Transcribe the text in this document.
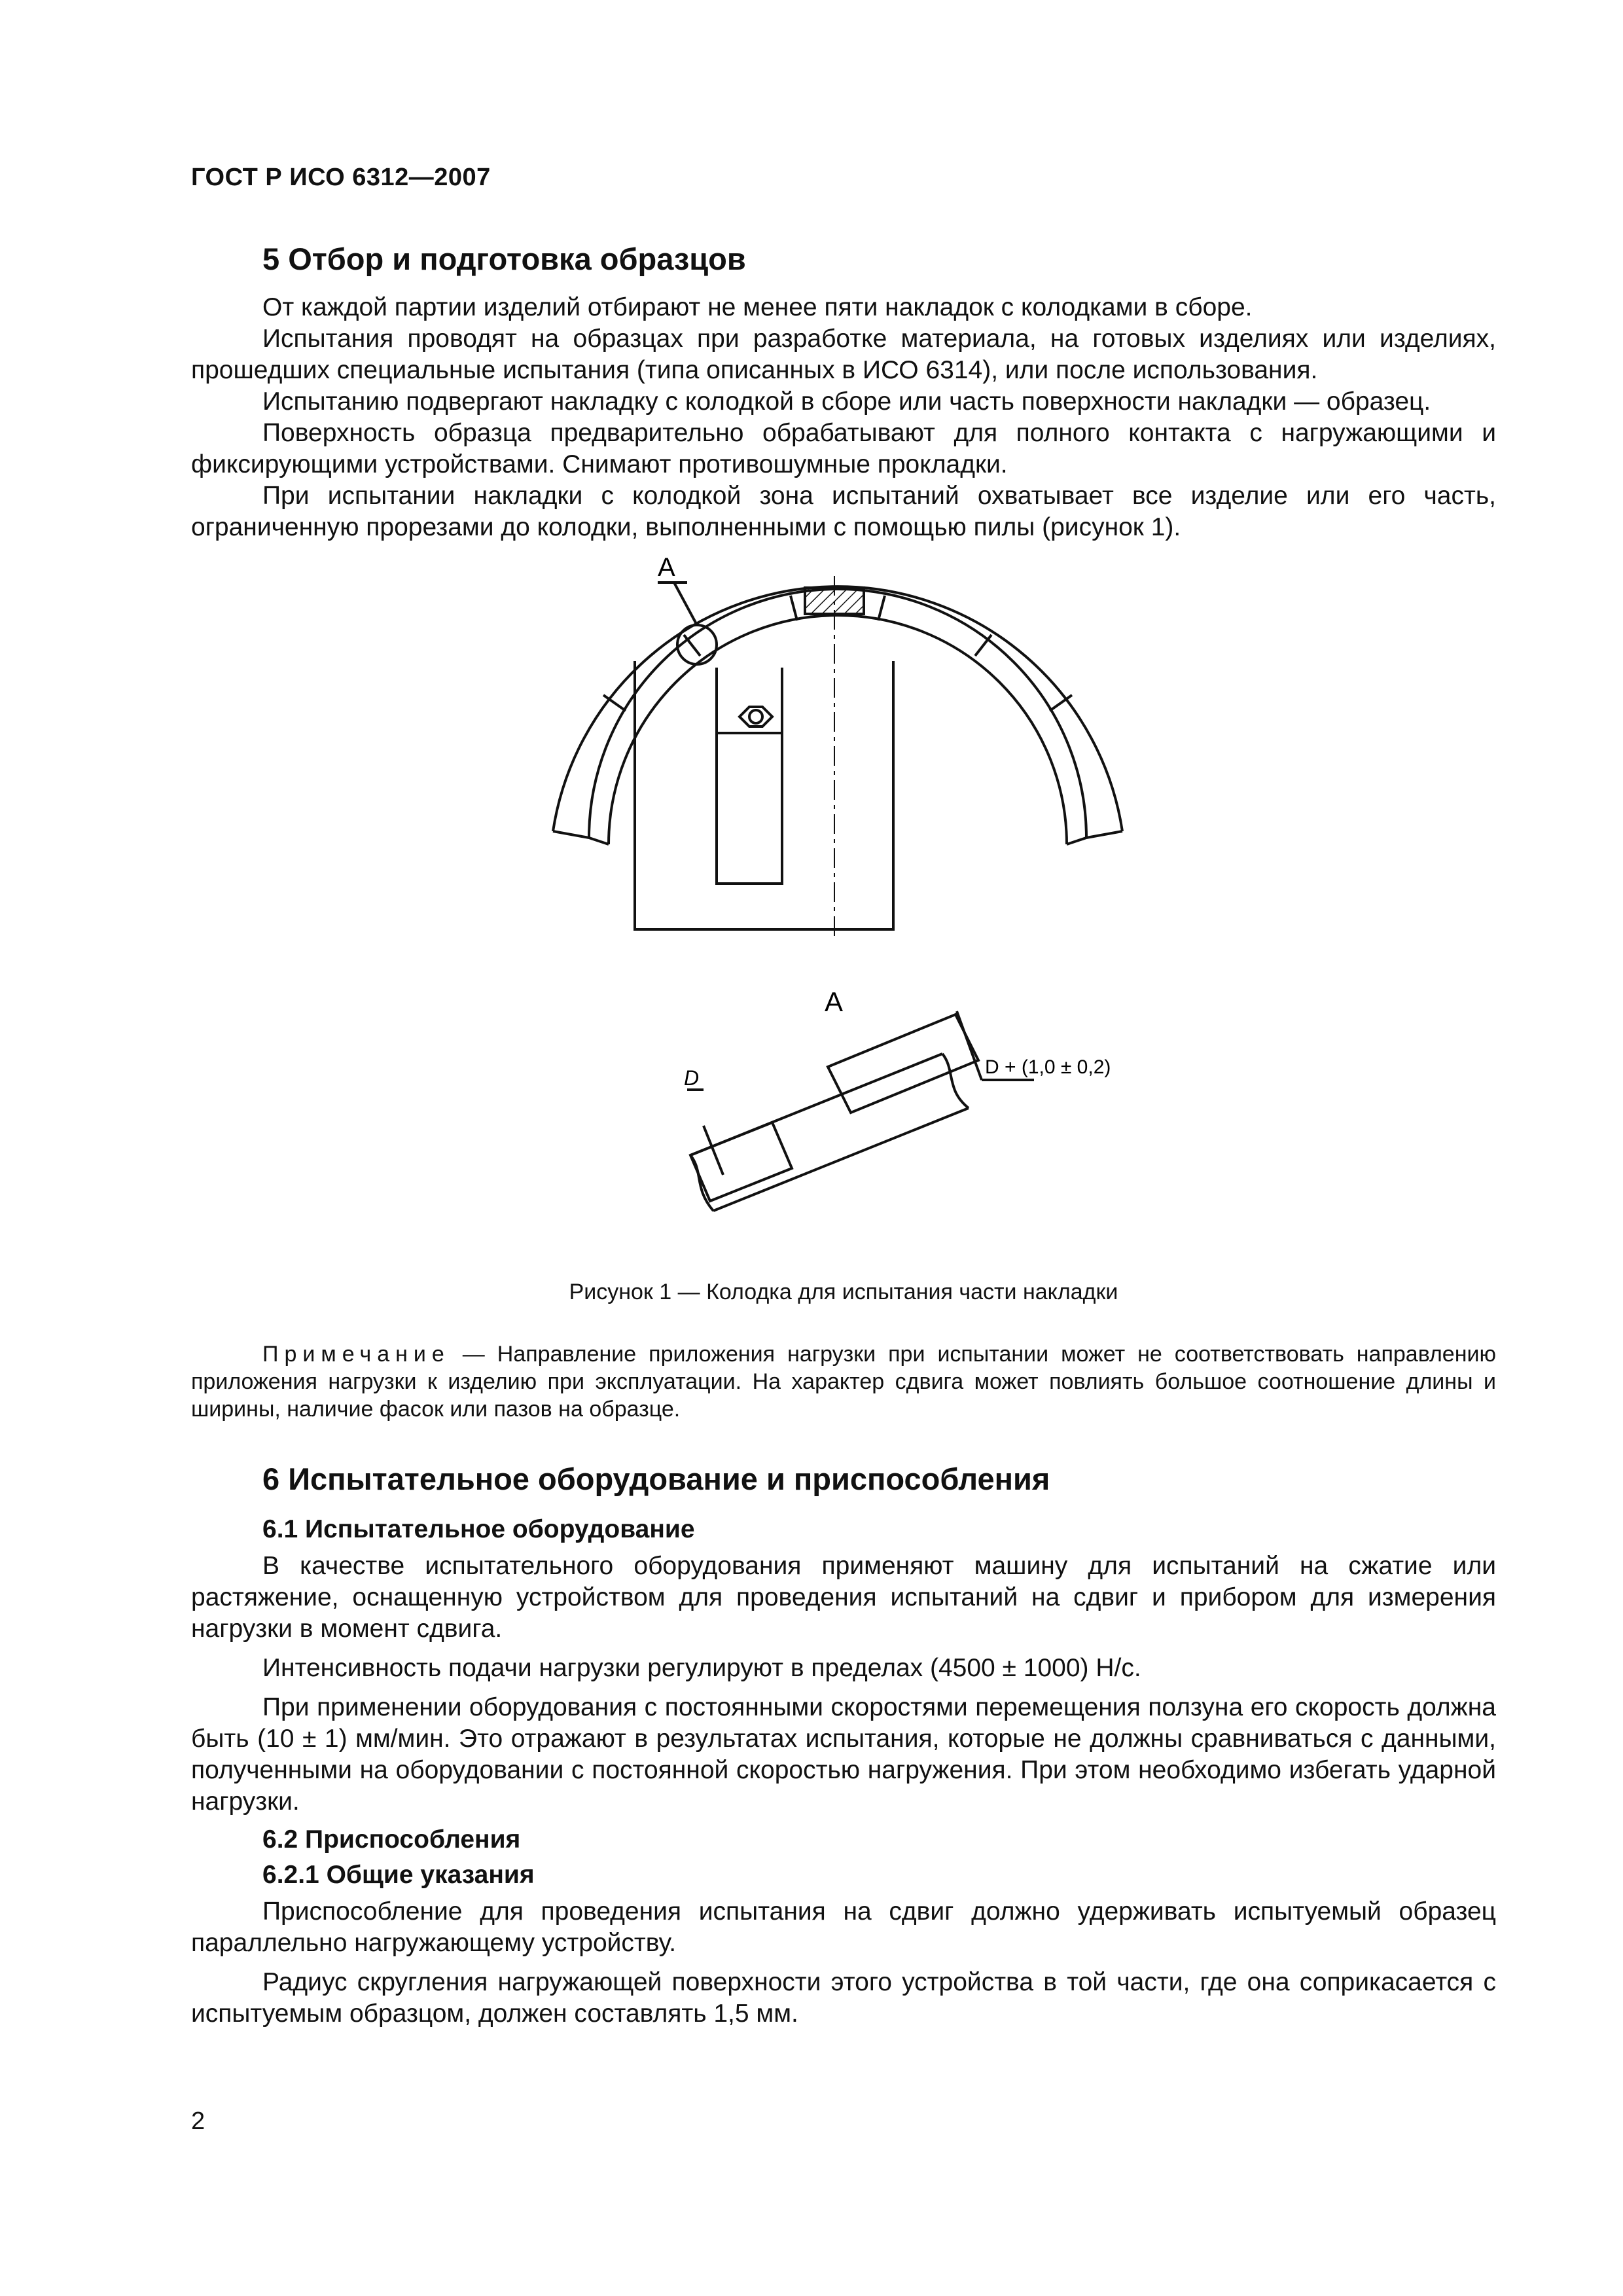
ГОСТ Р ИСО 6312—2007
5 Отбор и подготовка образцов

От каждой партии изделий отбирают не менее пяти накладок с колодками в сборе.

Испытания проводят на образцах при разработке материала, на готовых изделиях или изделиях, прошедших специальные испытания (типа описанных в ИСО 6314), или после использования.

Испытанию подвергают накладку с колодкой в сборе или часть поверхности накладки — образец.

Поверхность образца предварительно обрабатывают для полного контакта с нагружающими и фиксирующими устройствами. Снимают противошумные прокладки.

При испытании накладки с колодкой зона испытаний охватывает все изделие или его часть, ограниченную прорезами до колодки, выполненными с помощью пилы (рисунок 1).

А
А
D	D + (1,0 ± 0,2)
Рисунок 1 — Колодка для испытания части накладки

Примечание — Направление приложения нагрузки при испытании может не соответствовать направлению приложения нагрузки к изделию при эксплуатации. На характер сдвига может повлиять большое соотношение длины и ширины, наличие фасок или пазов на образце.

6 Испытательное оборудование и приспособления
6.1 Испытательное оборудование

В качестве испытательного оборудования применяют машину для испытаний на сжатие или растяжение, оснащенную устройством для проведения испытаний на сдвиг и прибором для измерения нагрузки в момент сдвига.

Интенсивность подачи нагрузки регулируют в пределах (4500 ± 1000) Н/с.

При применении оборудования с постоянными скоростями перемещения ползуна его скорость должна быть (10 ± 1) мм/мин. Это отражают в результатах испытания, которые не должны сравниваться с данными, полученными на оборудовании с постоянной скоростью нагружения. При этом необходимо избегать ударной нагрузки.

6.2 Приспособления
6.2.1 Общие указания

Приспособление для проведения испытания на сдвиг должно удерживать испытуемый образец параллельно нагружающему устройству.

Радиус скругления нагружающей поверхности этого устройства в той части, где она соприкасается с испытуемым образцом, должен составлять 1,5 мм.

2
